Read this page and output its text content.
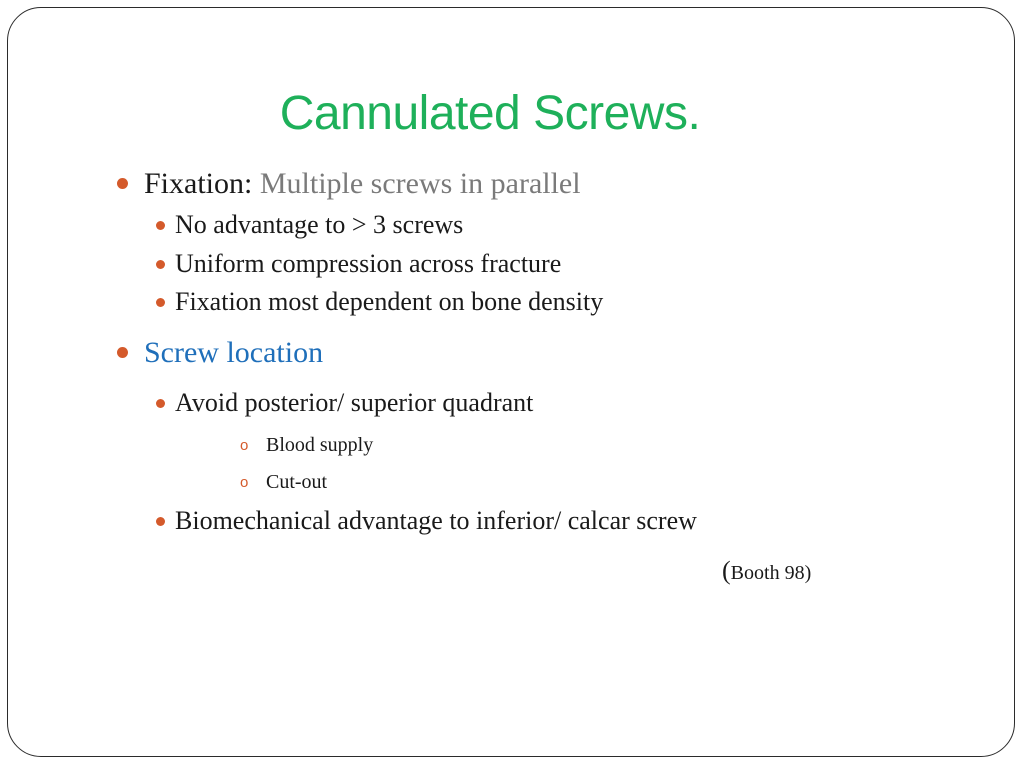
Cannulated Screws.
Fixation: Multiple screws in parallel
No advantage to > 3 screws
Uniform compression across fracture
Fixation most dependent on bone density
Screw location
Avoid posterior/ superior quadrant
o Blood supply
o Cut-out
Biomechanical advantage to inferior/ calcar screw
(Booth 98)
